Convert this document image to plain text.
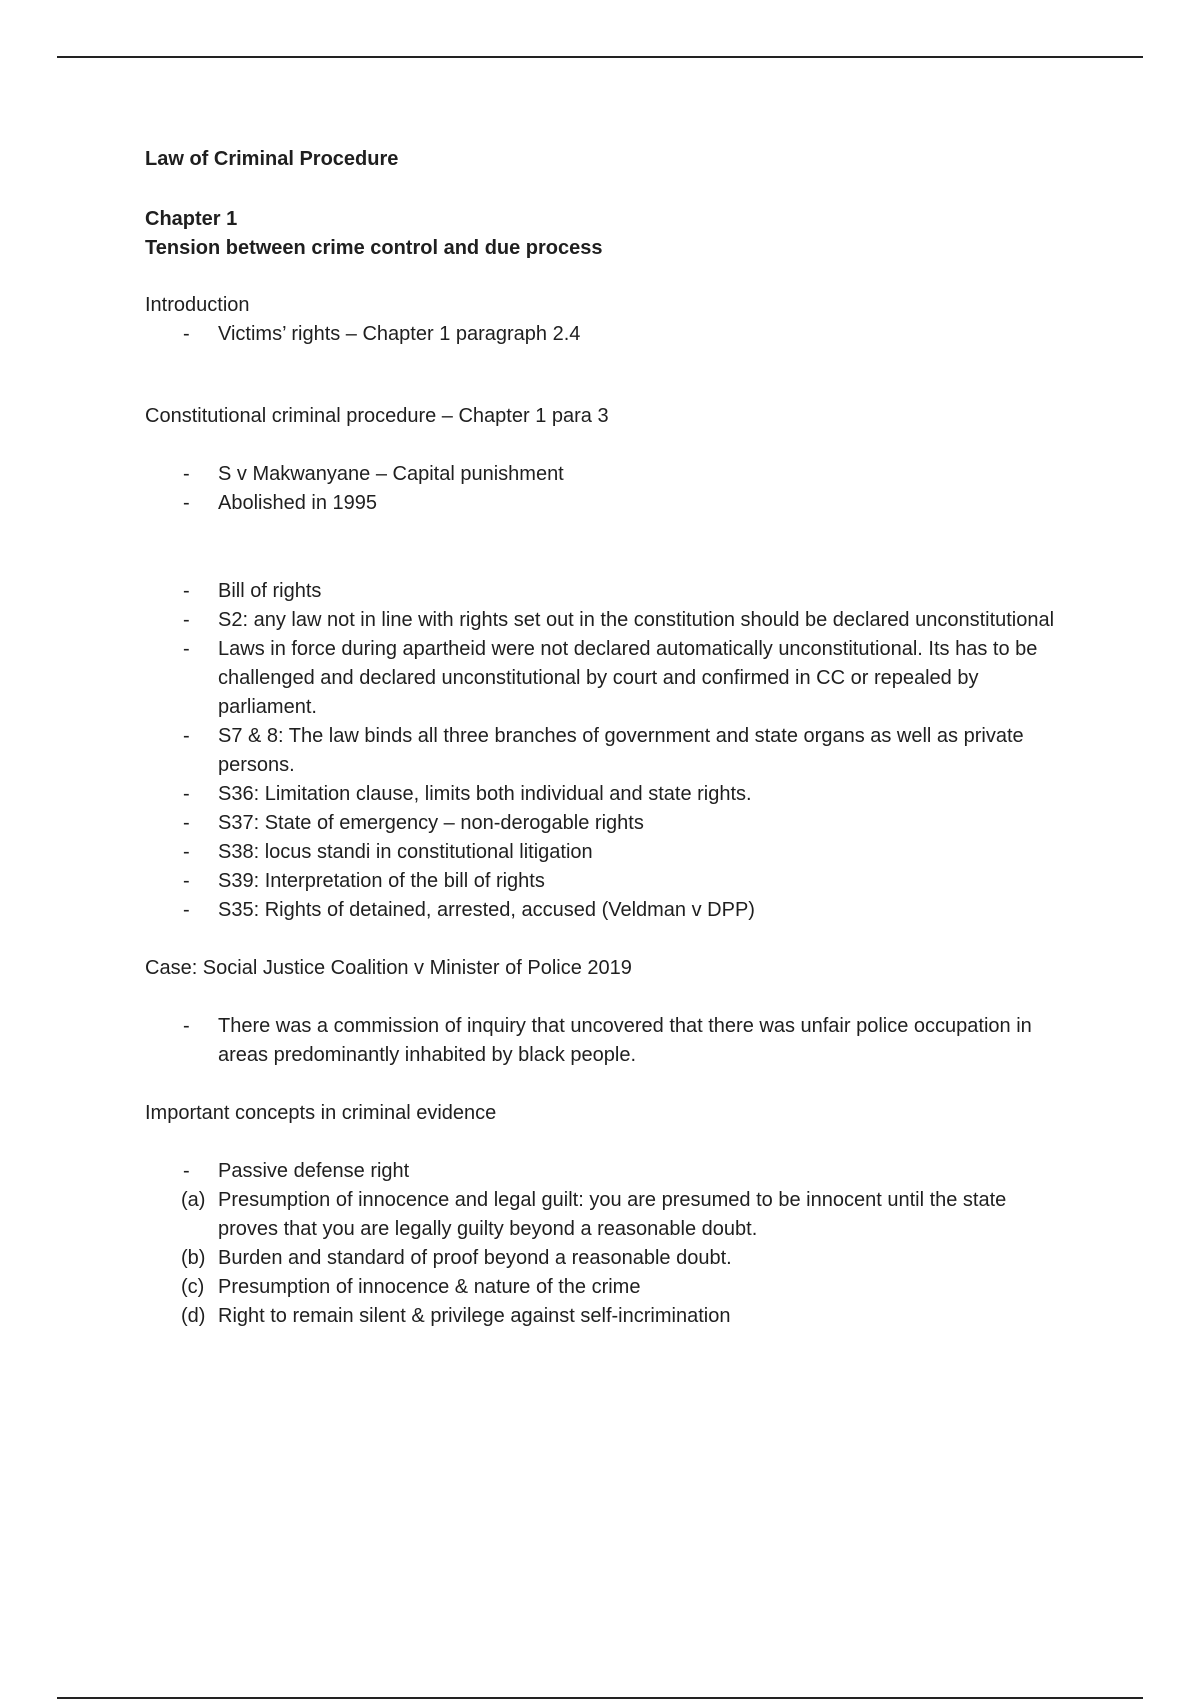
Law of Criminal Procedure

Chapter 1

Tension between crime control and due process

Introduction

- Victims’ rights – Chapter 1 paragraph 2.4

Constitutional criminal procedure – Chapter 1 para 3

- S v Makwanyane – Capital punishment
- Abolished in 1995
- Bill of rights
- S2: any law not in line with rights set out in the constitution should be declared unconstitutional
- Laws in force during apartheid were not declared automatically unconstitutional. Its has to be challenged and declared unconstitutional by court and confirmed in CC or repealed by parliament.
- S7 & 8: The law binds all three branches of government and state organs as well as private persons.
- S36: Limitation clause, limits both individual and state rights.
- S37: State of emergency – non-derogable rights
- S38: locus standi in constitutional litigation
- S39: Interpretation of the bill of rights
- S35: Rights of detained, arrested, accused (Veldman v DPP)

Case: Social Justice Coalition v Minister of Police 2019

- There was a commission of inquiry that uncovered that there was unfair police occupation in areas predominantly inhabited by black people.

Important concepts in criminal evidence

- Passive defense right
(a) Presumption of innocence and legal guilt: you are presumed to be innocent until the state proves that you are legally guilty beyond a reasonable doubt.
(b) Burden and standard of proof beyond a reasonable doubt.
(c) Presumption of innocence & nature of the crime
(d) Right to remain silent & privilege against self-incrimination
